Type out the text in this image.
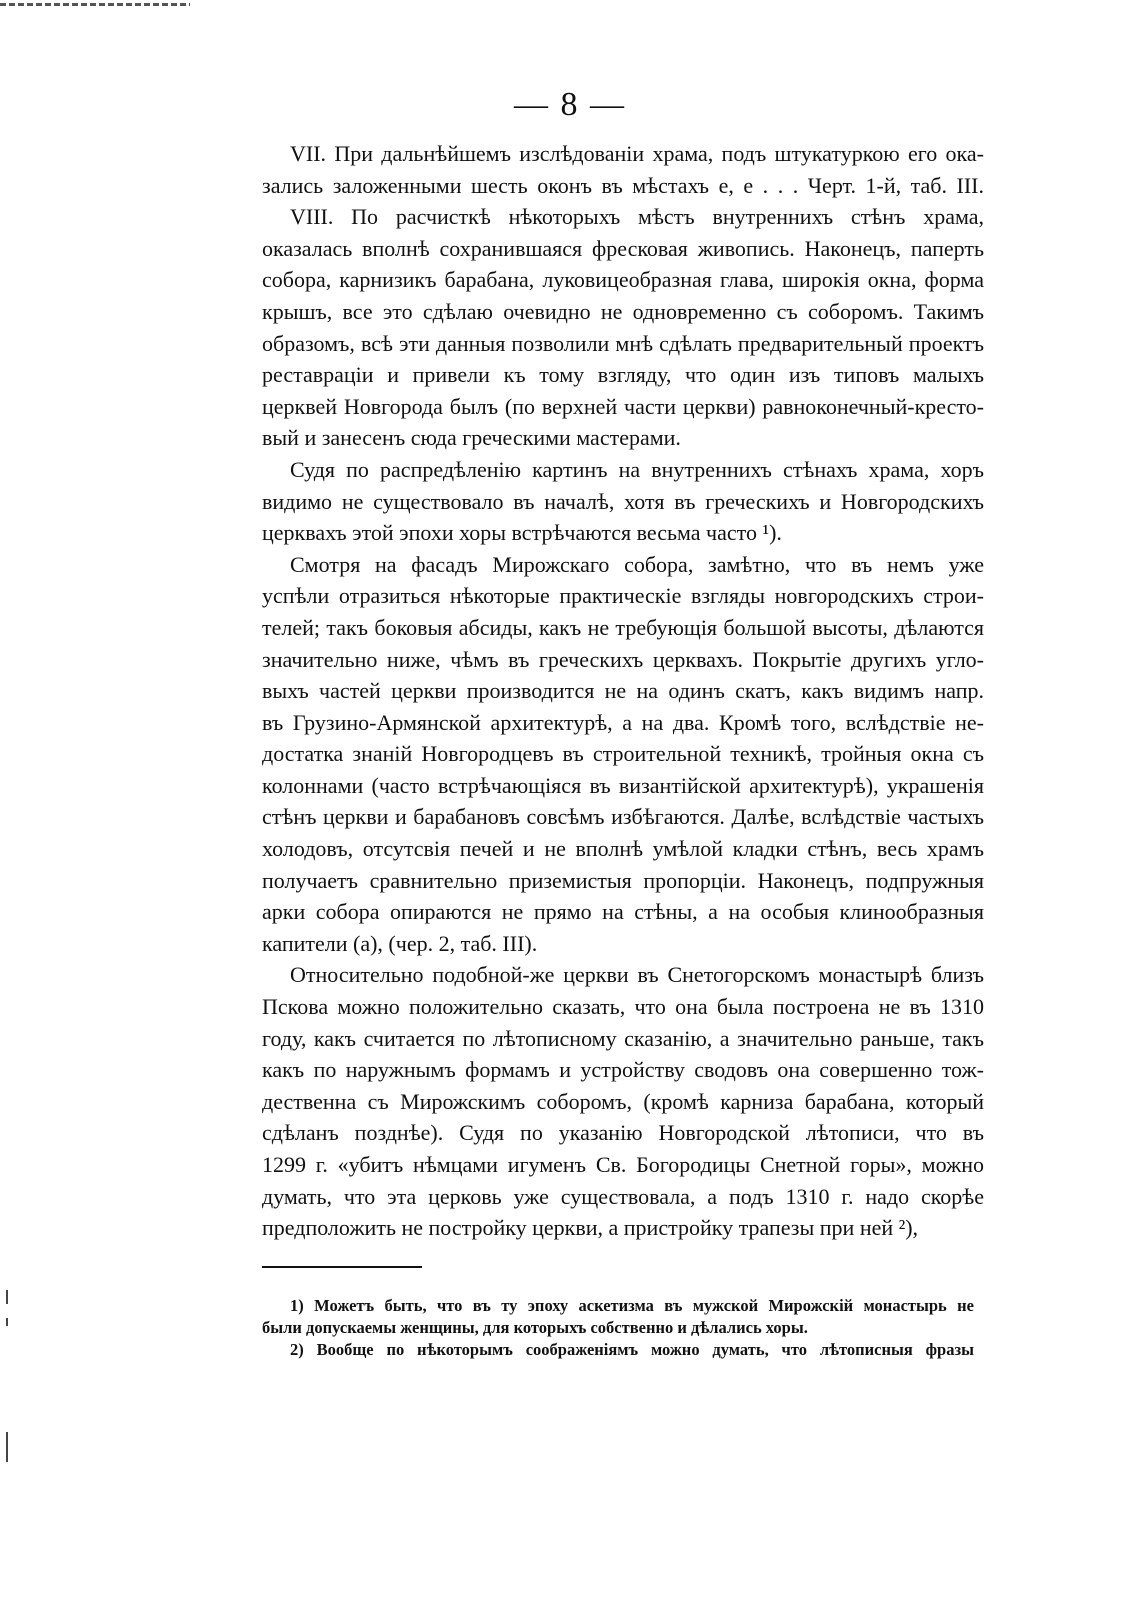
— 8 —
VII. При дальнѣйшемъ изслѣдованіи храма, подъ штукатуркою его ока-
зались заложенными шесть оконъ въ мѣстахъ е, е . . . Черт. 1-й, таб. III.
VIII. По расчисткѣ нѣкоторыхъ мѣстъ внутреннихъ стѣнъ храма,
оказалась вполнѣ сохранившаяся фресковая живопись. Наконецъ, паперть
собора, карнизикъ барабана, луковицеобразная глава, широкія окна, форма
крышъ, все это сдѣлаю очевидно не одновременно съ соборомъ. Такимъ
образомъ, всѣ эти данныя позволили мнѣ сдѣлать предварительный проектъ
реставраціи и привели къ тому взгляду, что один изъ типовъ малыхъ
церквей Новгорода былъ (по верхней части церкви) равноконечный-кресто-
вый и занесенъ сюда греческими мастерами.
Судя по распредѣленію картинъ на внутреннихъ стѣнахъ храма, хоръ
видимо не существовало въ началѣ, хотя въ греческихъ и Новгородскихъ
церквахъ этой эпохи хоры встрѣчаются весьма часто ¹).
Смотря на фасадъ Мирожскаго собора, замѣтно, что въ немъ уже
успѣли отразиться нѣкоторые практическіе взгляды новгородскихъ строи-
телей; такъ боковыя абсиды, какъ не требующія большой высоты, дѣлаются
значительно ниже, чѣмъ въ греческихъ церквахъ. Покрытіе другихъ угло-
выхъ частей церкви производится не на одинъ скатъ, какъ видимъ напр.
въ Грузино-Армянской архитектурѣ, а на два. Кромѣ того, вслѣдствіе не-
достатка знаній Новгородцевъ въ строительной техникѣ, тройныя окна съ
колоннами (часто встрѣчающіяся въ византійской архитектурѣ), украшенія
стѣнъ церкви и барабановъ совсѣмъ избѣгаются. Далѣе, вслѣдствіе частыхъ
холодовъ, отсутсвія печей и не вполнѣ умѣлой кладки стѣнъ, весь храмъ
получаетъ сравнительно приземистыя пропорціи. Наконецъ, подпружныя
арки собора опираются не прямо на стѣны, а на особыя клинообразныя
капители (а), (чер. 2, таб. III).
Относительно подобной-же церкви въ Снетогорскомъ монастырѣ близъ
Пскова можно положительно сказать, что она была построена не въ 1310
году, какъ считается по лѣтописному сказанію, а значительно раньше, такъ
какъ по наружнымъ формамъ и устройству сводовъ она совершенно тож-
дественна съ Мирожскимъ соборомъ, (кромѣ карниза барабана, который
сдѣланъ позднѣе). Судя по указанію Новгородской лѣтописи, что въ
1299 г. «убитъ нѣмцами игуменъ Св. Богородицы Снетной горы», можно
думать, что эта церковь уже существовала, а подъ 1310 г. надо скорѣе
предположить не постройку церкви, а пристройку трапезы при ней ²),
1) Можетъ быть, что въ ту эпоху аскетизма въ мужской Мирожскій монастырь не
были допускаемы женщины, для которыхъ собственно и дѣлались хоры.
2) Вообще по нѣкоторымъ соображеніямъ можно думать, что лѣтописныя фразы
